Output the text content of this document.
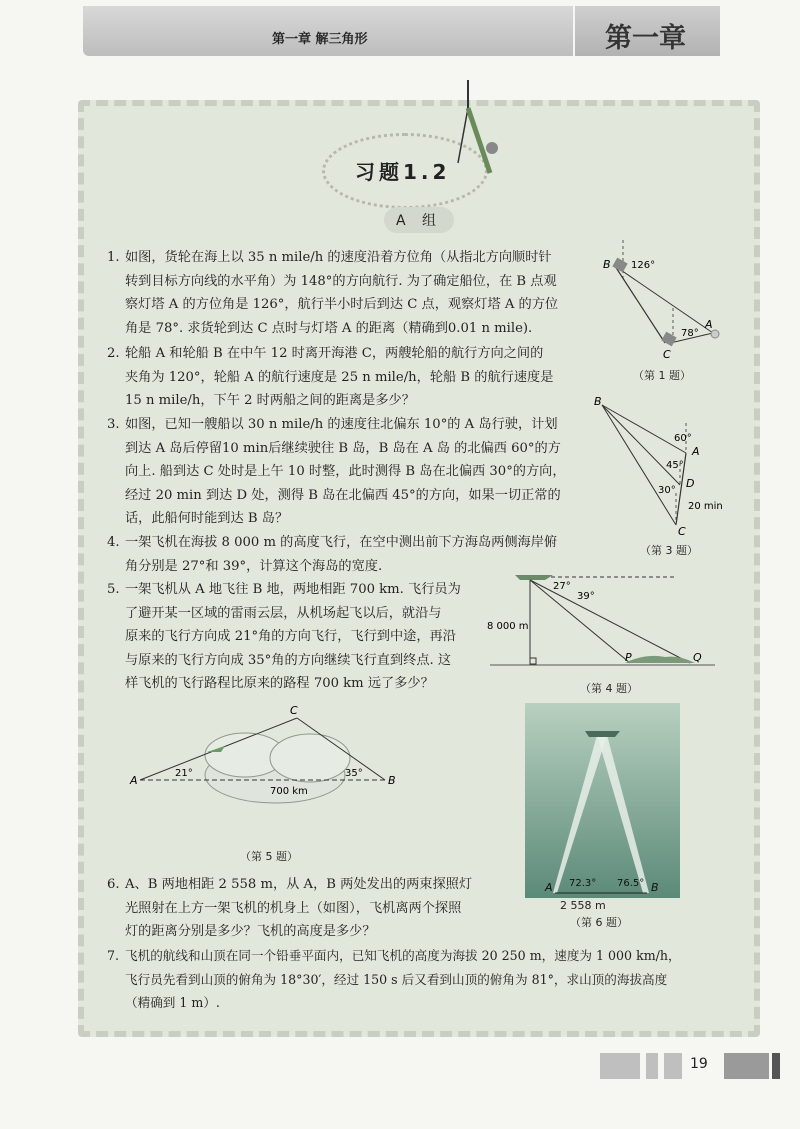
第一章 解三角形	第一章
习题1.2
A 组
1. 如图，货轮在海上以 35 n mile/h 的速度沿着方位角（从指北方向顺时针
转到目标方向线的水平角）为 148°的方向航行. 为了确定船位，在 B 点观
察灯塔 A 的方位角是 126°，航行半小时后到达 C 点，观察灯塔 A 的方位
角是 78°. 求货轮到达 C 点时与灯塔 A 的距离（精确到0.01 n mile).
2. 轮船 A 和轮船 B 在中午 12 时离开海港 C，两艘轮船的航行方向之间的
夹角为 120°，轮船 A 的航行速度是 25 n mile/h，轮船 B 的航行速度是
15 n mile/h，下午 2 时两船之间的距离是多少？
3. 如图，已知一艘船以 30 n mile/h 的速度往北偏东 10°的 A 岛行驶，计划
到达 A 岛后停留10 min后继续驶往 B 岛，B 岛在 A 岛 的北偏西 60°的方
向上. 船到达 C 处时是上午 10 时整，此时测得 B 岛在北偏西 30°的方向，
经过 20 min 到达 D 处，测得 B 岛在北偏西 45°的方向，如果一切正常的
话，此船何时能到达 B 岛？
4. 一架飞机在海拔 8 000 m 的高度飞行，在空中测出前下方海岛两侧海岸俯
角分别是 27°和 39°，计算这个海岛的宽度.
5. 一架飞机从 A 地飞往 B 地，两地相距 700 km. 飞行员为
了避开某一区域的雷雨云层，从机场起飞以后，就沿与
原来的飞行方向成 21°角的方向飞行，飞行到中途，再沿
与原来的飞行方向成 35°角的方向继续飞行直到终点. 这
样飞机的飞行路程比原来的路程 700 km 远了多少？
6. A、B 两地相距 2 558 m，从 A，B 两处发出的两束探照灯
光照射在上方一架飞机的机身上（如图），飞机离两个探照
灯的距离分别是多少？飞机的高度是多少？
7. 飞机的航线和山顶在同一个铅垂平面内，已知飞机的高度为海拔 20 250 m，速度为 1 000 km/h，
飞行员先看到山顶的俯角为 18°30′，经过 150 s 后又看到山顶的俯角为 81°，求山顶的海拔高度
（精确到 1 m）.
B 126°
78°
A
C
（第 1 题）
B
60°
A
45°
D
30°
20 min
C
（第 3 题）
27°
39°
8 000 m
P	Q
（第 4 题）
A
21°
C
35°
B
700 km
（第 5 题）
A 72.3° 76.5° B
2 558 m
（第 6 题）
19
